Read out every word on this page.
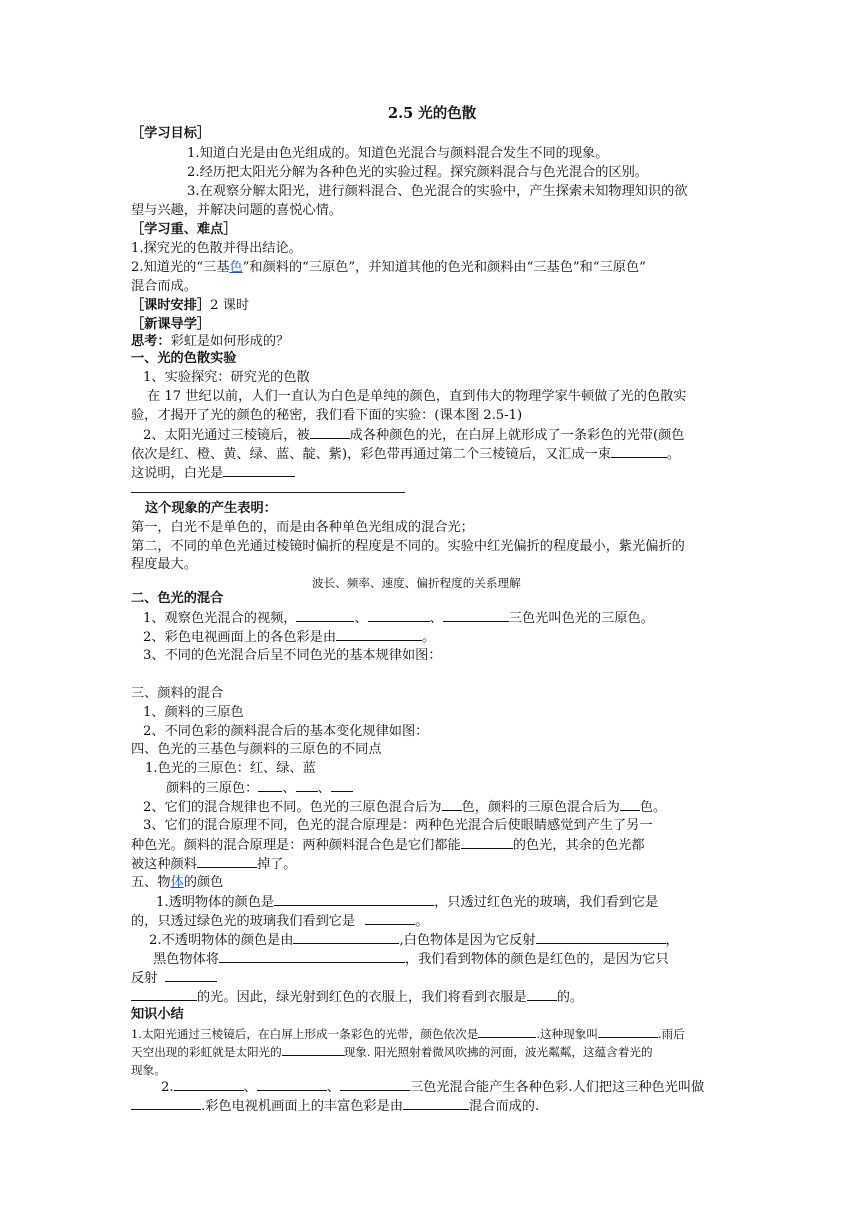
2.5 光的色散
［学习目标］
1.知道白光是由色光组成的。知道色光混合与颜料混合发生不同的现象。
2.经历把太阳光分解为各种色光的实验过程。探究颜料混合与色光混合的区别。
3.在观察分解太阳光，进行颜料混合、色光混合的实验中，产生探索未知物理知识的欲
望与兴趣，并解决问题的喜悦心情。
［学习重、难点］
1.探究光的色散并得出结论。
2.知道光的“三基色”和颜料的“三原色”，并知道其他的色光和颜料由“三基色”和“三原色”
混合而成。
［课时安排］2 课时
［新课导学］
思考：彩虹是如何形成的？
一、光的色散实验
1、实验探究：研究光的色散
在 17 世纪以前，人们一直认为白色是单纯的颜色，直到伟大的物理学家牛顿做了光的色散实
验，才揭开了光的颜色的秘密，我们看下面的实验：(课本图 2.5-1)
2、太阳光通过三棱镜后，被	成各种颜色的光，在白屏上就形成了一条彩色的光带(颜色
依次是红、橙、黄、绿、蓝、靛、紫)，彩色带再通过第二个三棱镜后，又汇成一束	。
这说明，白光是
这个现象的产生表明：
第一，白光不是单色的，而是由各种单色光组成的混合光；
第二，不同的单色光通过棱镜时偏折的程度是不同的。实验中红光偏折的程度最小，紫光偏折的
程度最大。
波长、频率、速度、偏折程度的关系理解
二、色光的混合
1、观察色光混合的视频，	、	、	三色光叫色光的三原色。
2、彩色电视画面上的各色彩是由	。
3、不同的色光混合后呈不同色光的基本规律如图：
三、颜料的混合
1、颜料的三原色
2、不同色彩的颜料混合后的基本变化规律如图：
四、色光的三基色与颜料的三原色的不同点
1.色光的三原色：红、绿、蓝
颜料的三原色： 、 、
2、它们的混合规律也不同。色光的三原色混合后为 色，颜料的三原色混合后为 色。
3、它们的混合原理不同，色光的混合原理是：两种色光混合后使眼睛感觉到产生了另一
种色光。颜料的混合原理是：两种颜料混合色是它们都能	的色光，其余的色光都
被这种颜料	掉了。
五、物体的颜色
1.透明物体的颜色是	，只透过红色光的玻璃，我们看到它是
的，只透过绿色光的玻璃我们看到它是	。
2.不透明物体的颜色是由	,白色物体是因为它反射	，
黑色物体将	，我们看到物体的颜色是红色的，是因为它只
反射
的光。因此，绿光射到红色的衣服上，我们将看到衣服是 的。
知识小结
1.太阳光通过三棱镜后，在白屏上形成一条彩色的光带，颜色依次是	.这种现象叫	.雨后
天空出现的彩虹就是太阳光的	现象. 阳光照射着微风吹拂的河面，波光粼粼，这蕴含着光的
现象。
2.	、	、	三色光混合能产生各种色彩.人们把这三种色光叫做
.彩色电视机画面上的丰富色彩是由	混合而成的.
